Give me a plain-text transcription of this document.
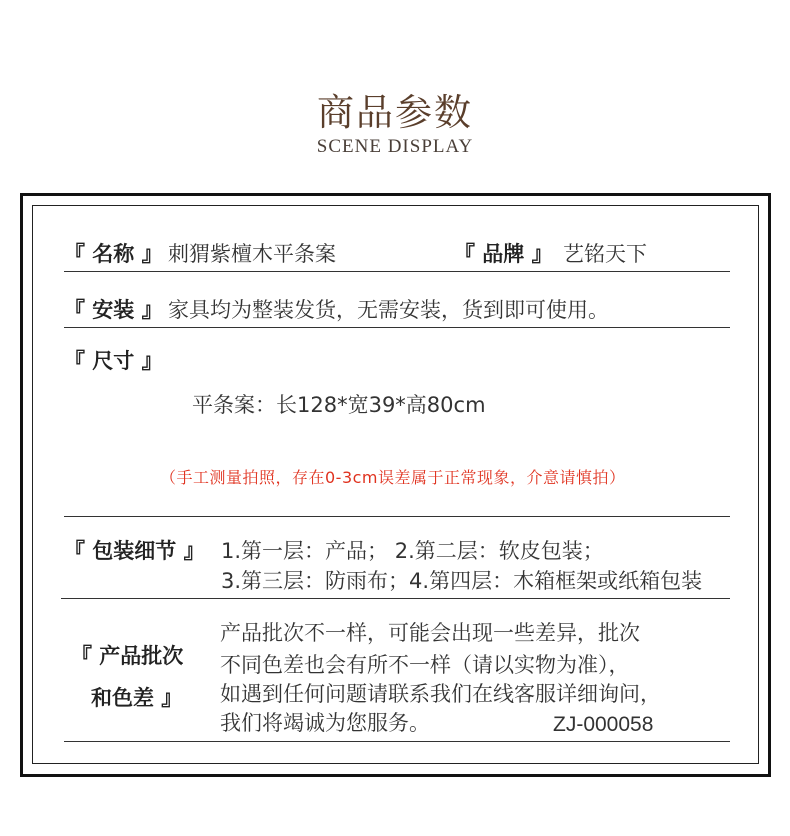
商品参数
SCENE DISPLAY
『 名称 』 刺猬紫檀木平条案	『 品牌 』 艺铭天下
『 安装 』 家具均为整装发货，无需安装，货到即可使用。
『 尺寸 』
平条案：长128*宽39*高80cm
（手工测量拍照，存在0-3cm误差属于正常现象，介意请慎拍）
『 包装细节 』 1.第一层：产品； 2.第二层：软皮包装；
3.第三层：防雨布；4.第四层：木箱框架或纸箱包装
『 产品批次
和色差 』
产品批次不一样，可能会出现一些差异，批次
不同色差也会有所不一样（请以实物为准），
如遇到任何问题请联系我们在线客服详细询问，
我们将竭诚为您服务。	ZJ-000058
